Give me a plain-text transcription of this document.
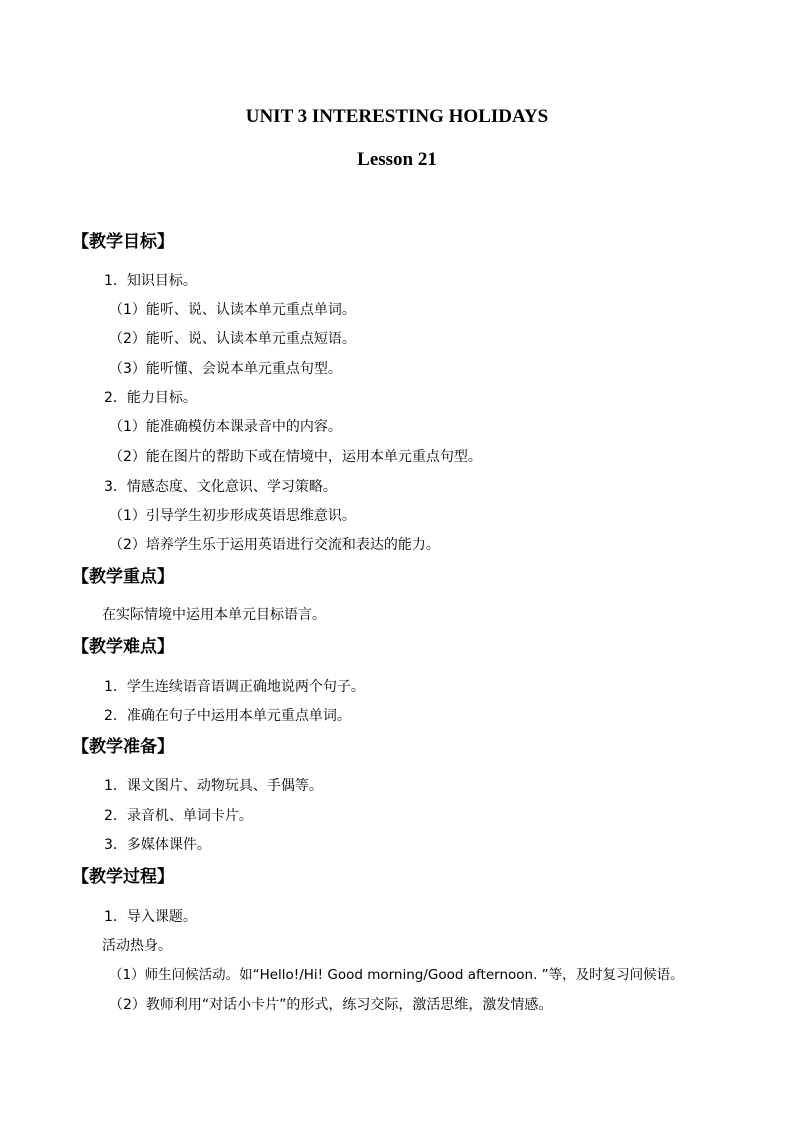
UNIT 3 INTERESTING HOLIDAYS
Lesson 21
【教学目标】
1．知识目标。
（1）能听、说、认读本单元重点单词。
（2）能听、说、认读本单元重点短语。
（3）能听懂、会说本单元重点句型。
2．能力目标。
（1）能准确模仿本课录音中的内容。
（2）能在图片的帮助下或在情境中，运用本单元重点句型。
3．情感态度、文化意识、学习策略。
（1）引导学生初步形成英语思维意识。
（2）培养学生乐于运用英语进行交流和表达的能力。
【教学重点】
在实际情境中运用本单元目标语言。
【教学难点】
1．学生连续语音语调正确地说两个句子。
2．准确在句子中运用本单元重点单词。
【教学准备】
1．课文图片、动物玩具、手偶等。
2．录音机、单词卡片。
3．多媒体课件。
【教学过程】
1．导入课题。
活动热身。
（1）师生问候活动。如“Hello!/Hi! Good morning/Good afternoon. ”等，及时复习问候语。
（2）教师利用“对话小卡片”的形式，练习交际，激活思维，激发情感。
